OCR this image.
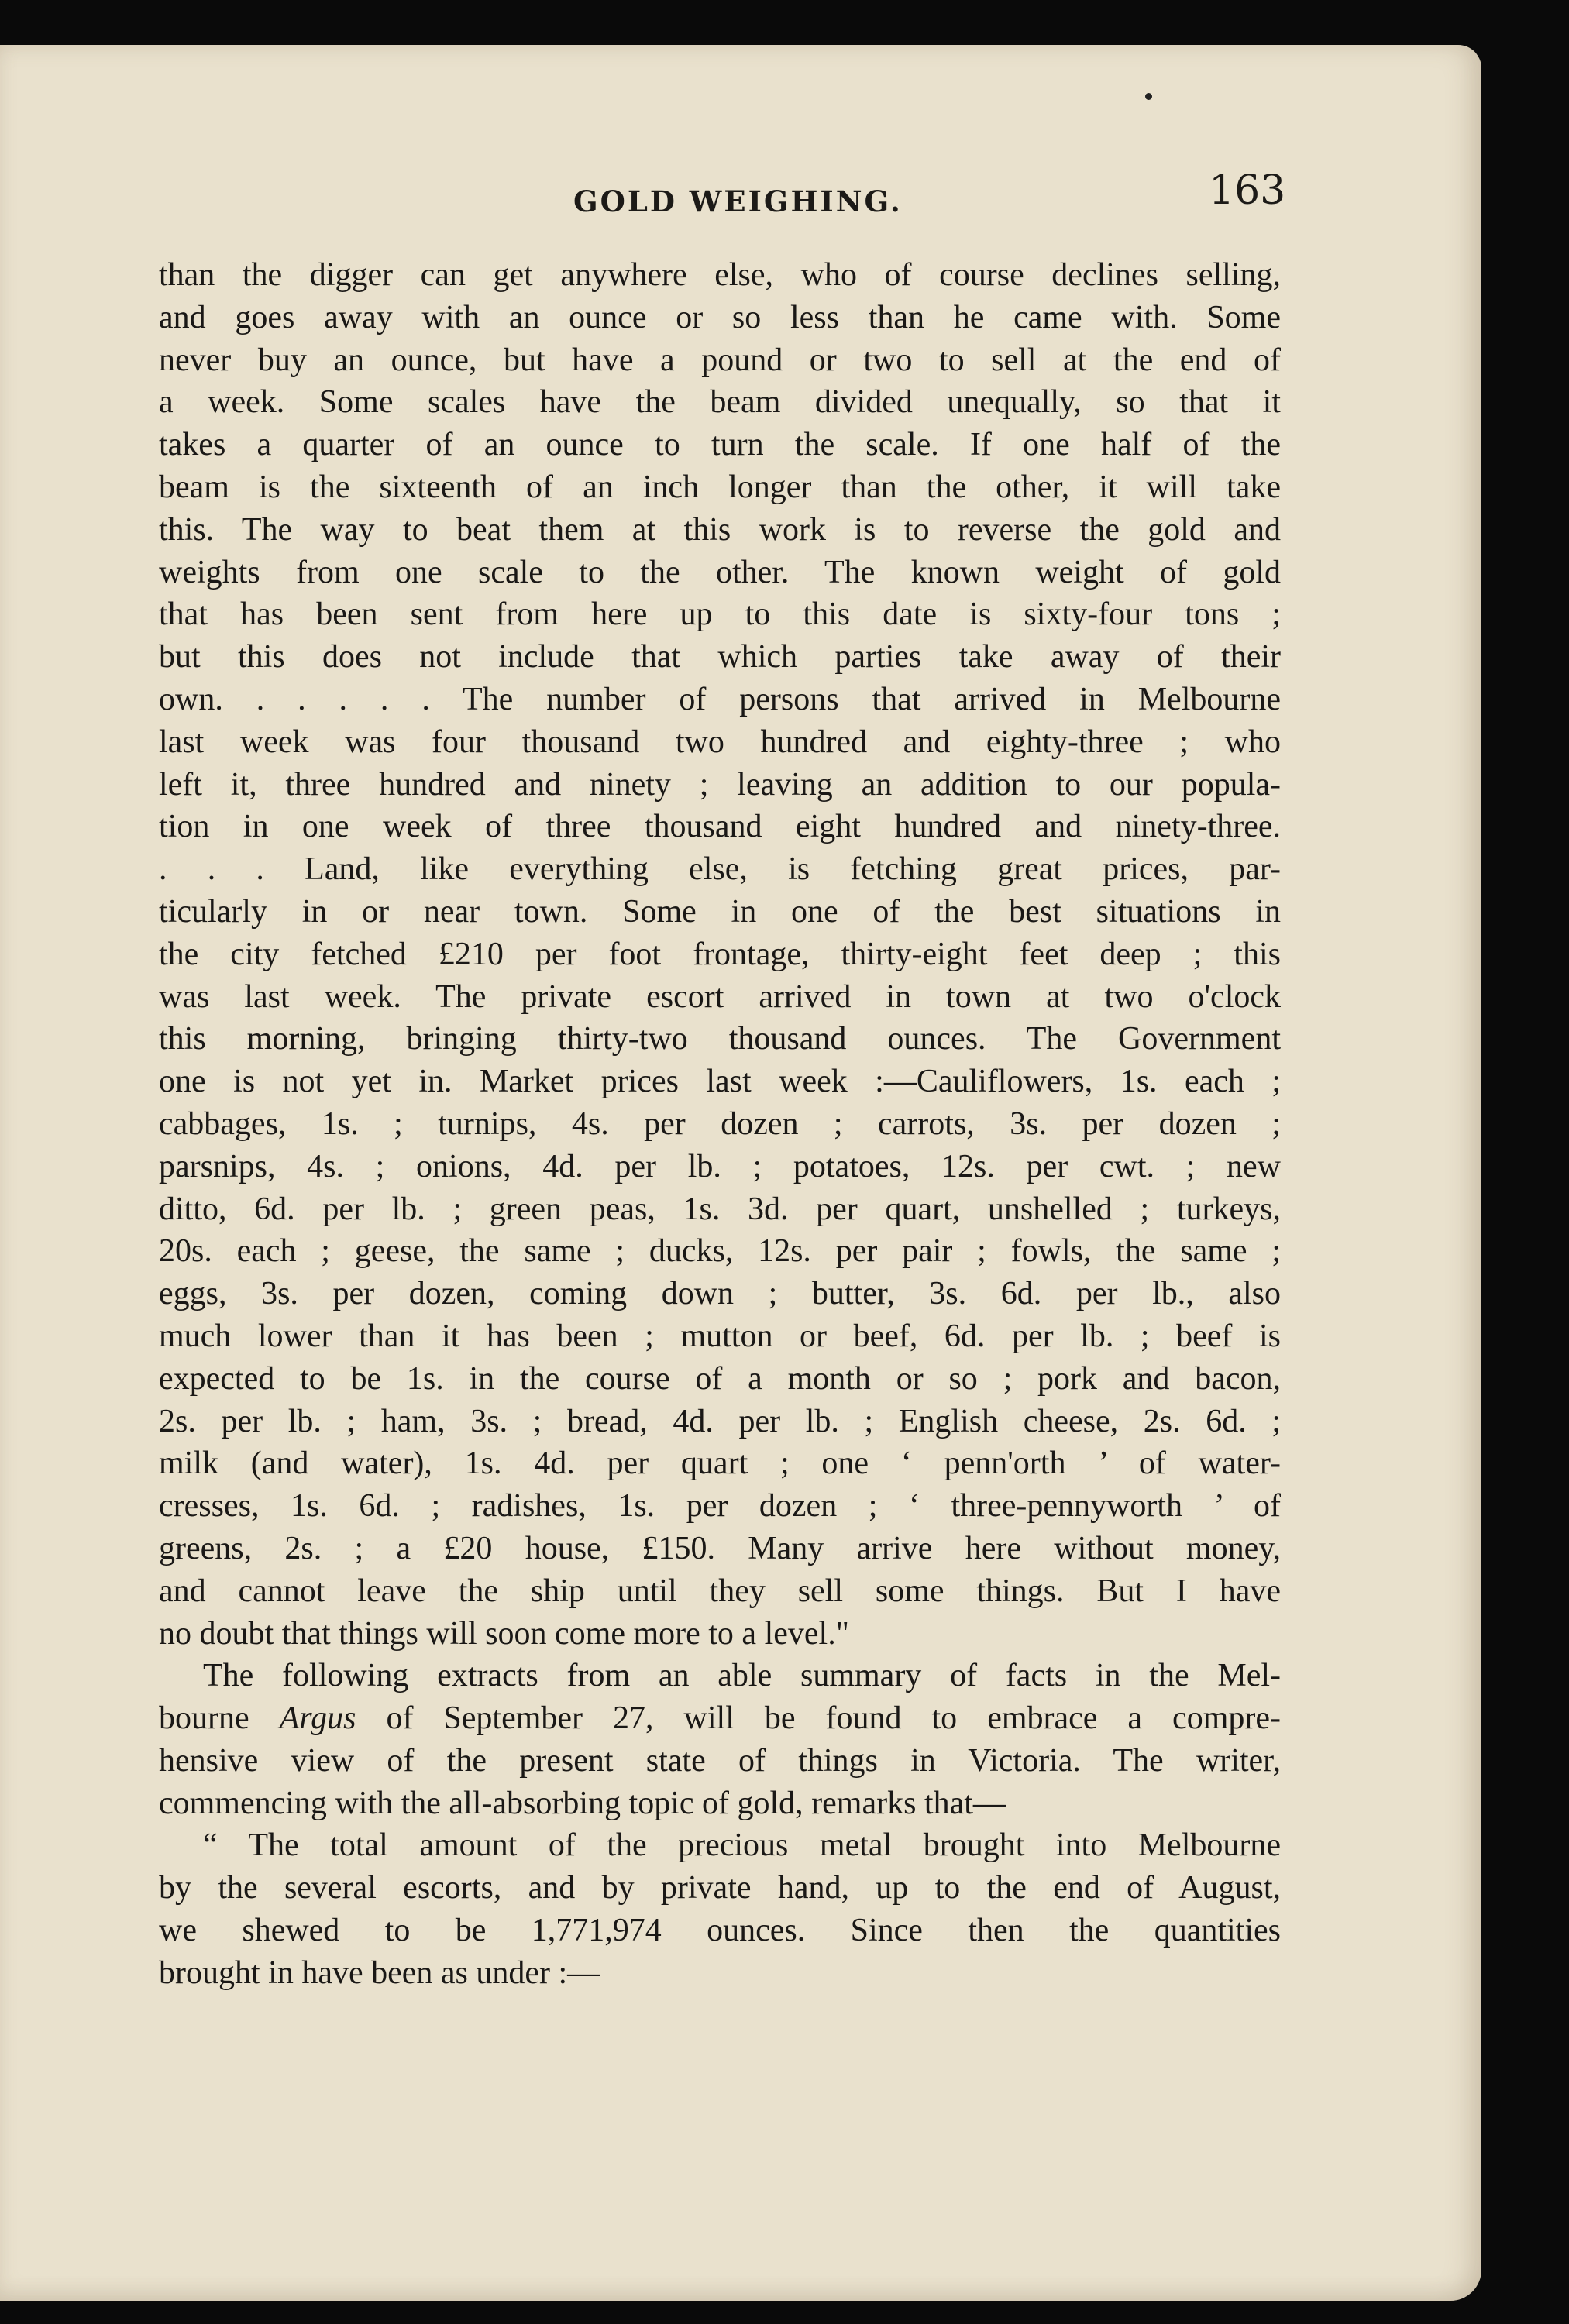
GOLD WEIGHING.	163
than the digger can get anywhere else, who of course declines selling,
and goes away with an ounce or so less than he came with. Some
never buy an ounce, but have a pound or two to sell at the end of
a week. Some scales have the beam divided unequally, so that it
takes a quarter of an ounce to turn the scale. If one half of the
beam is the sixteenth of an inch longer than the other, it will take
this. The way to beat them at this work is to reverse the gold and
weights from one scale to the other. The known weight of gold
that has been sent from here up to this date is sixty-four tons ;
but this does not include that which parties take away of their
own. . . . . . The number of persons that arrived in Melbourne
last week was four thousand two hundred and eighty-three ; who
left it, three hundred and ninety ; leaving an addition to our popula-
tion in one week of three thousand eight hundred and ninety-three.
. . . Land, like everything else, is fetching great prices, par-
ticularly in or near town. Some in one of the best situations in
the city fetched £210 per foot frontage, thirty-eight feet deep ; this
was last week. The private escort arrived in town at two o'clock
this morning, bringing thirty-two thousand ounces. The Government
one is not yet in. Market prices last week :—Cauliflowers, 1s. each ;
cabbages, 1s. ; turnips, 4s. per dozen ; carrots, 3s. per dozen ;
parsnips, 4s. ; onions, 4d. per lb. ; potatoes, 12s. per cwt. ; new
ditto, 6d. per lb. ; green peas, 1s. 3d. per quart, unshelled ; turkeys,
20s. each ; geese, the same ; ducks, 12s. per pair ; fowls, the same ;
eggs, 3s. per dozen, coming down ; butter, 3s. 6d. per lb., also
much lower than it has been ; mutton or beef, 6d. per lb. ; beef is
expected to be 1s. in the course of a month or so ; pork and bacon,
2s. per lb. ; ham, 3s. ; bread, 4d. per lb. ; English cheese, 2s. 6d. ;
milk (and water), 1s. 4d. per quart ; one ‘ penn'orth ’ of water-
cresses, 1s. 6d. ; radishes, 1s. per dozen ; ‘ three-pennyworth ’ of
greens, 2s. ; a £20 house, £150. Many arrive here without money,
and cannot leave the ship until they sell some things. But I have
no doubt that things will soon come more to a level."
The following extracts from an able summary of facts in the Mel-
bourne Argus of September 27, will be found to embrace a compre-
hensive view of the present state of things in Victoria. The writer,
commencing with the all-absorbing topic of gold, remarks that—
“ The total amount of the precious metal brought into Melbourne
by the several escorts, and by private hand, up to the end of August,
we shewed to be 1,771,974 ounces. Since then the quantities
brought in have been as under :—
